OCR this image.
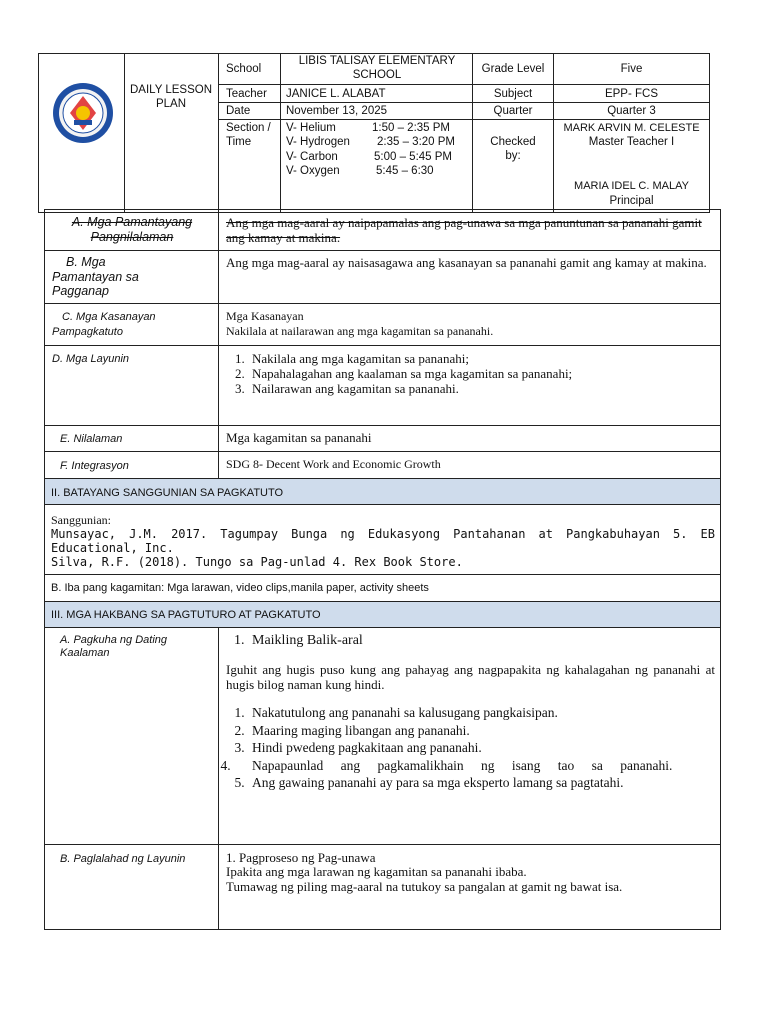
DAILY LESSON PLAN
School
LIBIS TALISAY ELEMENTARY SCHOOL
Teacher JANICE L. ALABAT
Date	November 13, 2025
Section / Time
V- Helium	1:50 – 2:35 PM
V- Hydrogen 2:35 – 3:20 PM
V- Carbon	5:00 – 5:45 PM
V- Oxygen	5:45 – 6:30
Grade Level	Five
Subject	EPP- FCS
Quarter	Quarter 3
Checked by:
MARK ARVIN M. CELESTE
Master Teacher I
MARIA IDEL C. MALAY
Principal
A. Mga Pamantayang Pangnilalaman
Ang mga mag-aaral ay naipapamalas ang pag-unawa sa mga panuntunan sa pananahi gamit ang kamay at makina.
B. Mga Pamantayan sa Pagganap
Ang mga mag-aaral ay naisasagawa ang kasanayan sa pananahi gamit ang kamay at makina.
C. Mga Kasanayan Pampagkatuto
Mga Kasanayan
Nakilala at nailarawan ang mga kagamitan sa pananahi.
D. Mga Layunin
1.	Nakilala ang mga kagamitan sa pananahi;
2. Napahalagahan ang kaalaman sa mga kagamitan sa pananahi;
3. Nailarawan ang kagamitan sa pananahi.
E. Nilalaman	Mga kagamitan sa pananahi
F. Integrasyon	SDG 8- Decent Work and Economic Growth
II. BATAYANG SANGGUNIAN SA PAGKATUTO
Sanggunian:
Munsayac, J.M. 2017. Tagumpay Bunga ng Edukasyong Pantahanan at Pangkabuhayan 5. EB Educational, Inc.
Silva, R.F. (2018). Tungo sa Pag-unlad 4. Rex Book Store.
B. Iba pang kagamitan: Mga larawan, video clips,manila paper, activity sheets
III. MGA HAKBANG SA PAGTUTURO AT PAGKATUTO
A. Pagkuha ng Dating Kaalaman
1. Maikling Balik-aral
Iguhit ang hugis puso kung ang pahayag ang nagpapakita ng kahalagahan ng pananahi at hugis bilog naman kung hindi.
1. Nakatutulong ang pananahi sa kalusugang pangkaisipan.
2. Maaring maging libangan ang pananahi.
3. Hindi pwedeng pagkakitaan ang pananahi.
4. Napapaunlad ang pagkamalikhain ng isang tao sa pananahi.
5. Ang gawaing pananahi ay para sa mga eksperto lamang sa pagtatahi.
B. Paglalahad ng Layunin	1. Pagproseso ng Pag-unawa
Ipakita ang mga larawan ng kagamitan sa pananahi ibaba.
Tumawag ng piling mag-aaral na tutukoy sa pangalan at gamit ng bawat isa.
